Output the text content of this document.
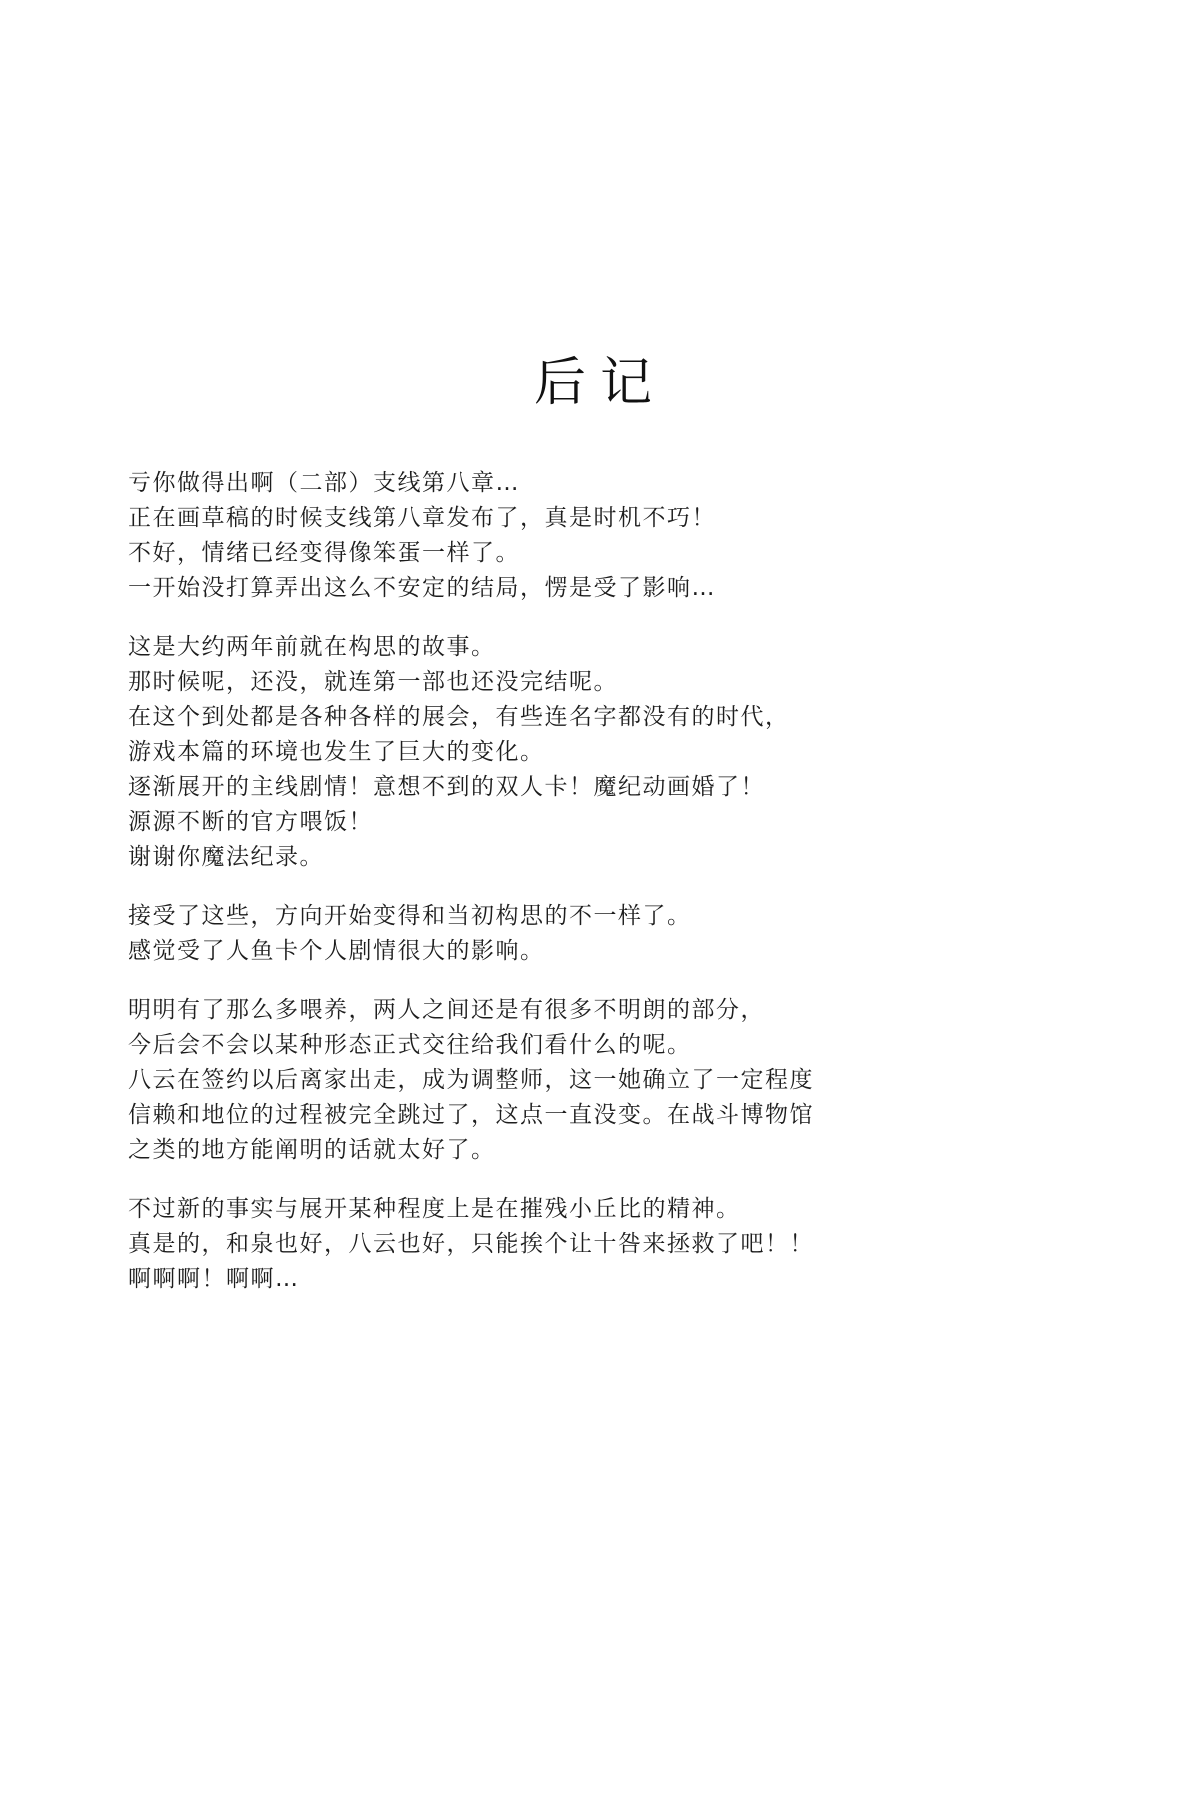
后记
亏你做得出啊（二部）支线第八章…
正在画草稿的时候支线第八章发布了，真是时机不巧！
不好，情绪已经变得像笨蛋一样了。
一开始没打算弄出这么不安定的结局，愣是受了影响…
这是大约两年前就在构思的故事。
那时候呢，还没，就连第一部也还没完结呢。
在这个到处都是各种各样的展会，有些连名字都没有的时代，
游戏本篇的环境也发生了巨大的变化。
逐渐展开的主线剧情！意想不到的双人卡！魔纪动画婚了！
源源不断的官方喂饭！
谢谢你魔法纪录。
接受了这些，方向开始变得和当初构思的不一样了。
感觉受了人鱼卡个人剧情很大的影响。
明明有了那么多喂养，两人之间还是有很多不明朗的部分，
今后会不会以某种形态正式交往给我们看什么的呢。
八云在签约以后离家出走，成为调整师，这一她确立了一定程度
信赖和地位的过程被完全跳过了，这点一直没变。在战斗博物馆
之类的地方能阐明的话就太好了。
不过新的事实与展开某种程度上是在摧残小丘比的精神。
真是的，和泉也好，八云也好，只能挨个让十咎来拯救了吧！！
啊啊啊！啊啊…
